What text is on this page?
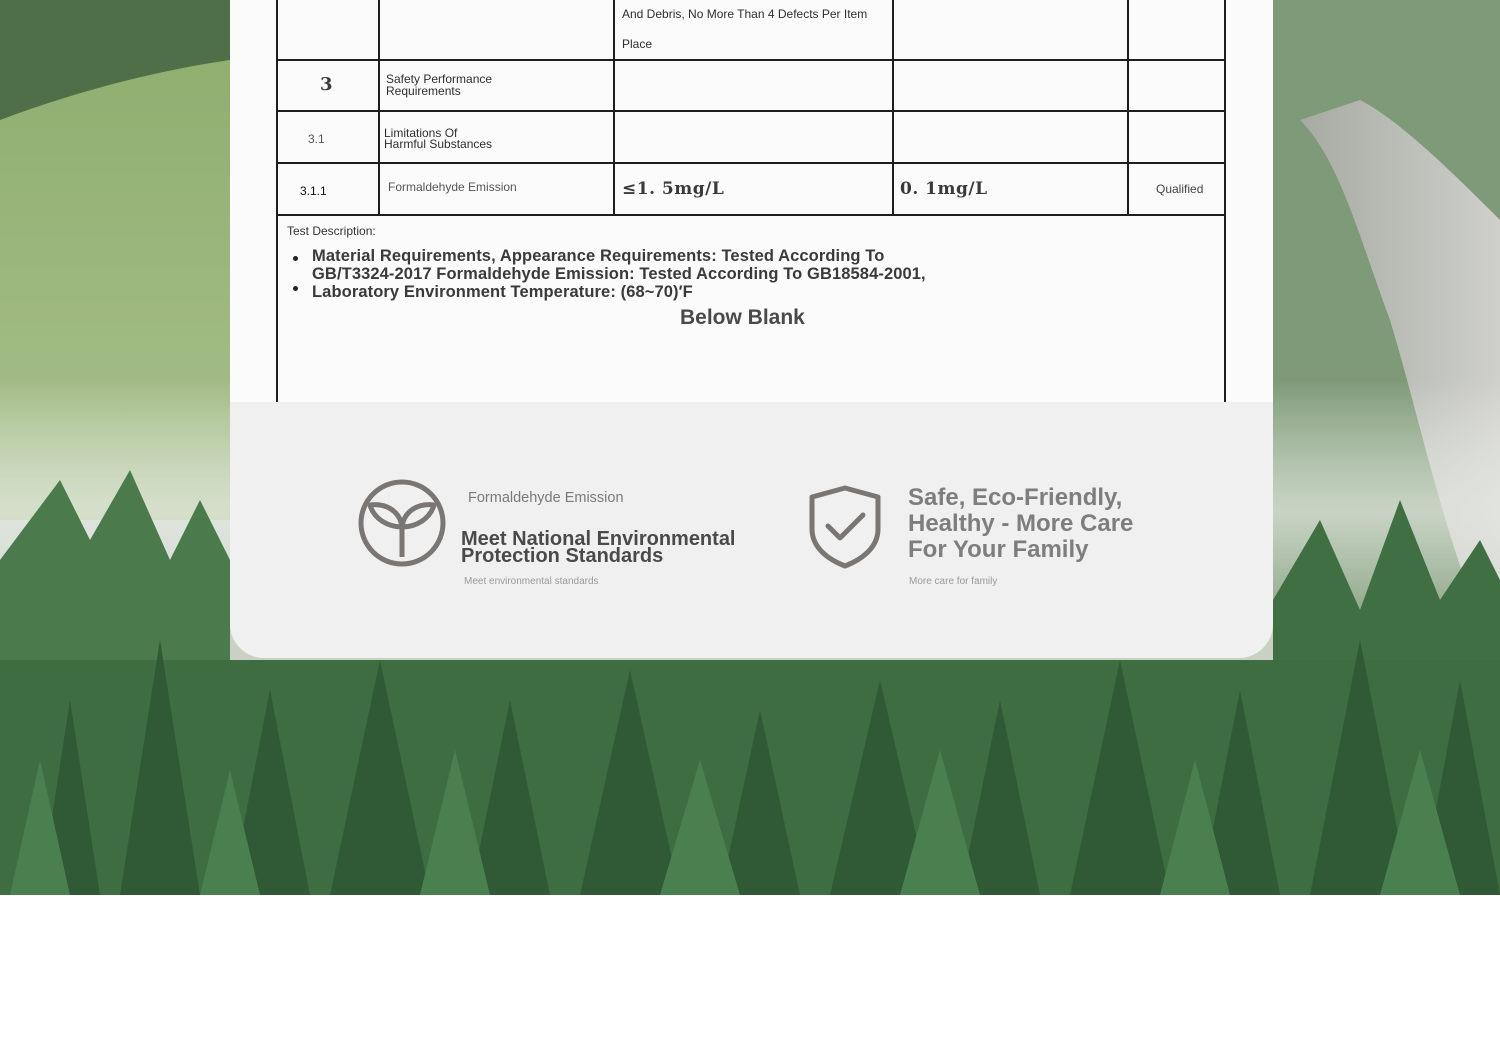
And Debris, No More Than 4 Defects Per Item
Place
3	Safety Performance
Requirements
3.1	Limitations Of
Harmful Substances
3.1.1	Formaldehyde Emission	≤1. 5mg/L	0. 1mg/L	Qualified
Test Description:
Material Requirements, Appearance Requirements: Tested According To
GB/T3324-2017 Formaldehyde Emission: Tested According To GB18584-2001,
Laboratory Environment Temperature: (68~70)′F
Below Blank
Formaldehyde Emission
Meet National Environmental
Protection Standards
Meet environmental standards
Safe, Eco-Friendly,
Healthy - More Care
For Your Family
More care for family
